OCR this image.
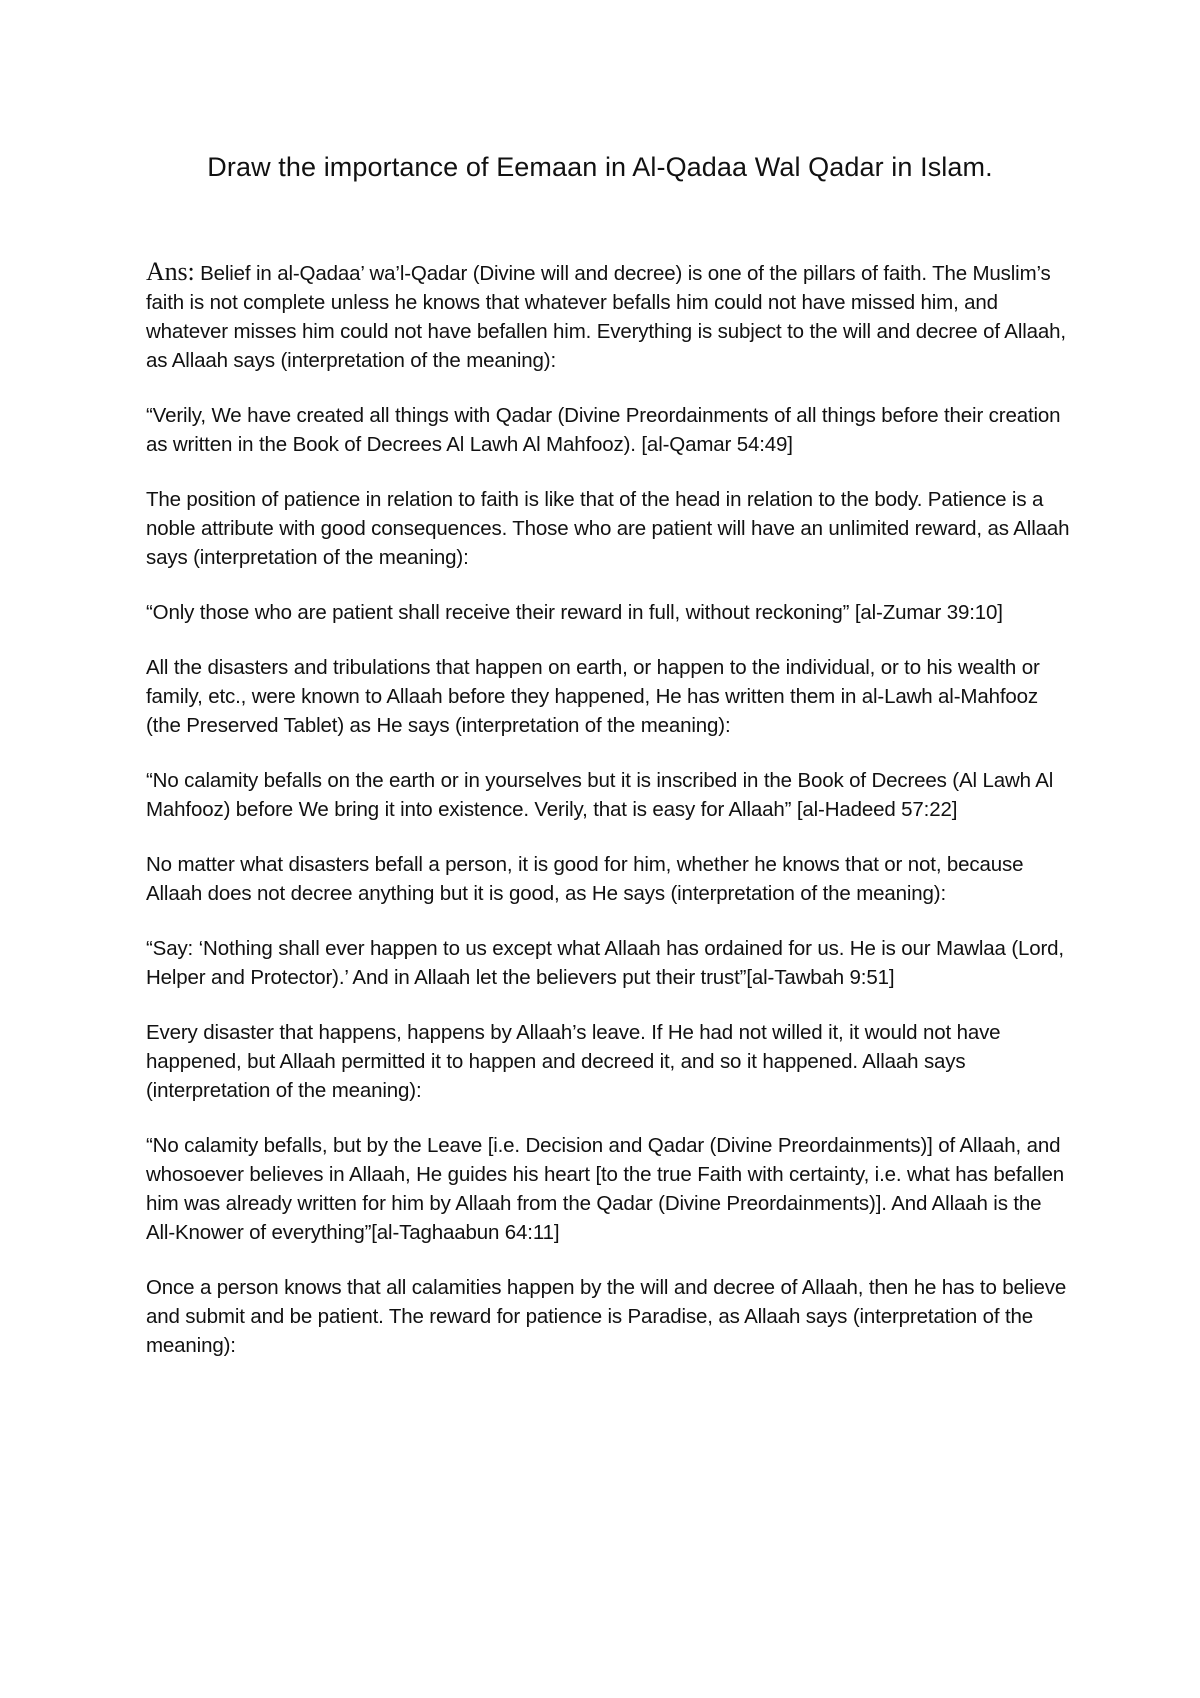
Draw the importance of Eemaan in Al-Qadaa Wal Qadar in Islam.

Ans: Belief in al-Qadaa’ wa’l-Qadar (Divine will and decree) is one of the pillars of faith. The Muslim’s faith is not complete unless he knows that whatever befalls him could not have missed him, and whatever misses him could not have befallen him. Everything is subject to the will and decree of Allaah, as Allaah says (interpretation of the meaning):

“Verily, We have created all things with Qadar (Divine Preordainments of all things before their creation as written in the Book of Decrees Al Lawh Al Mahfooz). [al-Qamar 54:49]

The position of patience in relation to faith is like that of the head in relation to the body. Patience is a noble attribute with good consequences. Those who are patient will have an unlimited reward, as Allaah says (interpretation of the meaning):

“Only those who are patient shall receive their reward in full, without reckoning” [al-Zumar 39:10]

All the disasters and tribulations that happen on earth, or happen to the individual, or to his wealth or family, etc., were known to Allaah before they happened, He has written them in al-Lawh al-Mahfooz (the Preserved Tablet) as He says (interpretation of the meaning):

“No calamity befalls on the earth or in yourselves but it is inscribed in the Book of Decrees (Al Lawh Al Mahfooz) before We bring it into existence. Verily, that is easy for Allaah” [al-Hadeed 57:22]

No matter what disasters befall a person, it is good for him, whether he knows that or not, because Allaah does not decree anything but it is good, as He says (interpretation of the meaning):

“Say: ‘Nothing shall ever happen to us except what Allaah has ordained for us. He is our Mawlaa (Lord, Helper and Protector).’ And in Allaah let the believers put their trust”[al-Tawbah 9:51]

Every disaster that happens, happens by Allaah’s leave. If He had not willed it, it would not have happened, but Allaah permitted it to happen and decreed it, and so it happened. Allaah says (interpretation of the meaning):

“No calamity befalls, but by the Leave [i.e. Decision and Qadar (Divine Preordainments)] of Allaah, and whosoever believes in Allaah, He guides his heart [to the true Faith with certainty, i.e. what has befallen him was already written for him by Allaah from the Qadar (Divine Preordainments)]. And Allaah is the All-Knower of everything”[al-Taghaabun 64:11]

Once a person knows that all calamities happen by the will and decree of Allaah, then he has to believe and submit and be patient. The reward for patience is Paradise, as Allaah says (interpretation of the meaning):
